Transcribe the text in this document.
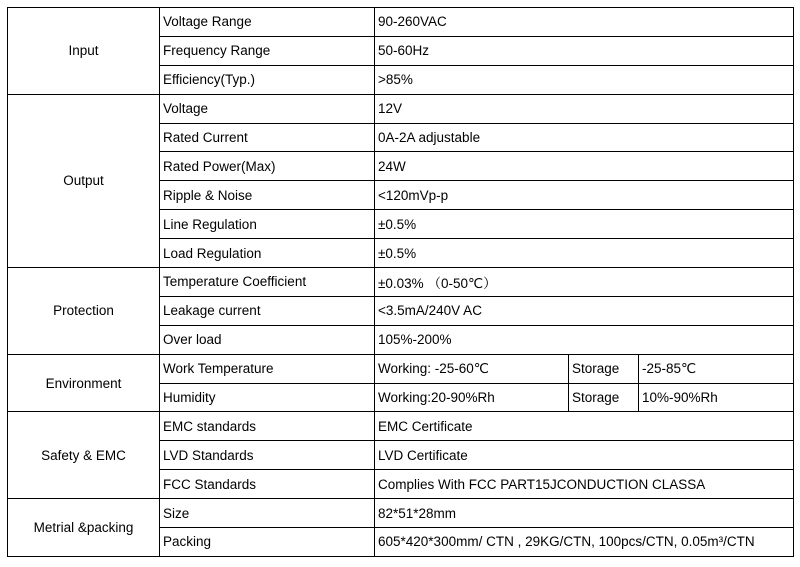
Input	Voltage Range	90-260VAC		
	Frequency Range	50-60Hz		
	Efficiency(Typ.)	>85%		
Output	Voltage	12V		
	Rated Current	0A-2A adjustable		
	Rated Power(Max)	24W		
	Ripple & Noise	<120mVp-p		
	Line Regulation	±0.5%		
	Load Regulation	±0.5%		
Protection	Temperature Coefficient	±0.03% （0-50℃）		
	Leakage current	<3.5mA/240V AC		
	Over load	105%-200%		
Environment	Work Temperature	Working: -25-60℃	Storage	-25-85℃
	Humidity	Working:20-90%Rh	Storage	10%-90%Rh
Safety & EMC	EMC standards	EMC Certificate		
	LVD Standards	LVD Certificate		
	FCC Standards	Complies With FCC PART15JCONDUCTION CLASSA		
Metrial &packing	Size	82*51*28mm		
	Packing	605*420*300mm/ CTN , 29KG/CTN, 100pcs/CTN, 0.05m³/CTN		
